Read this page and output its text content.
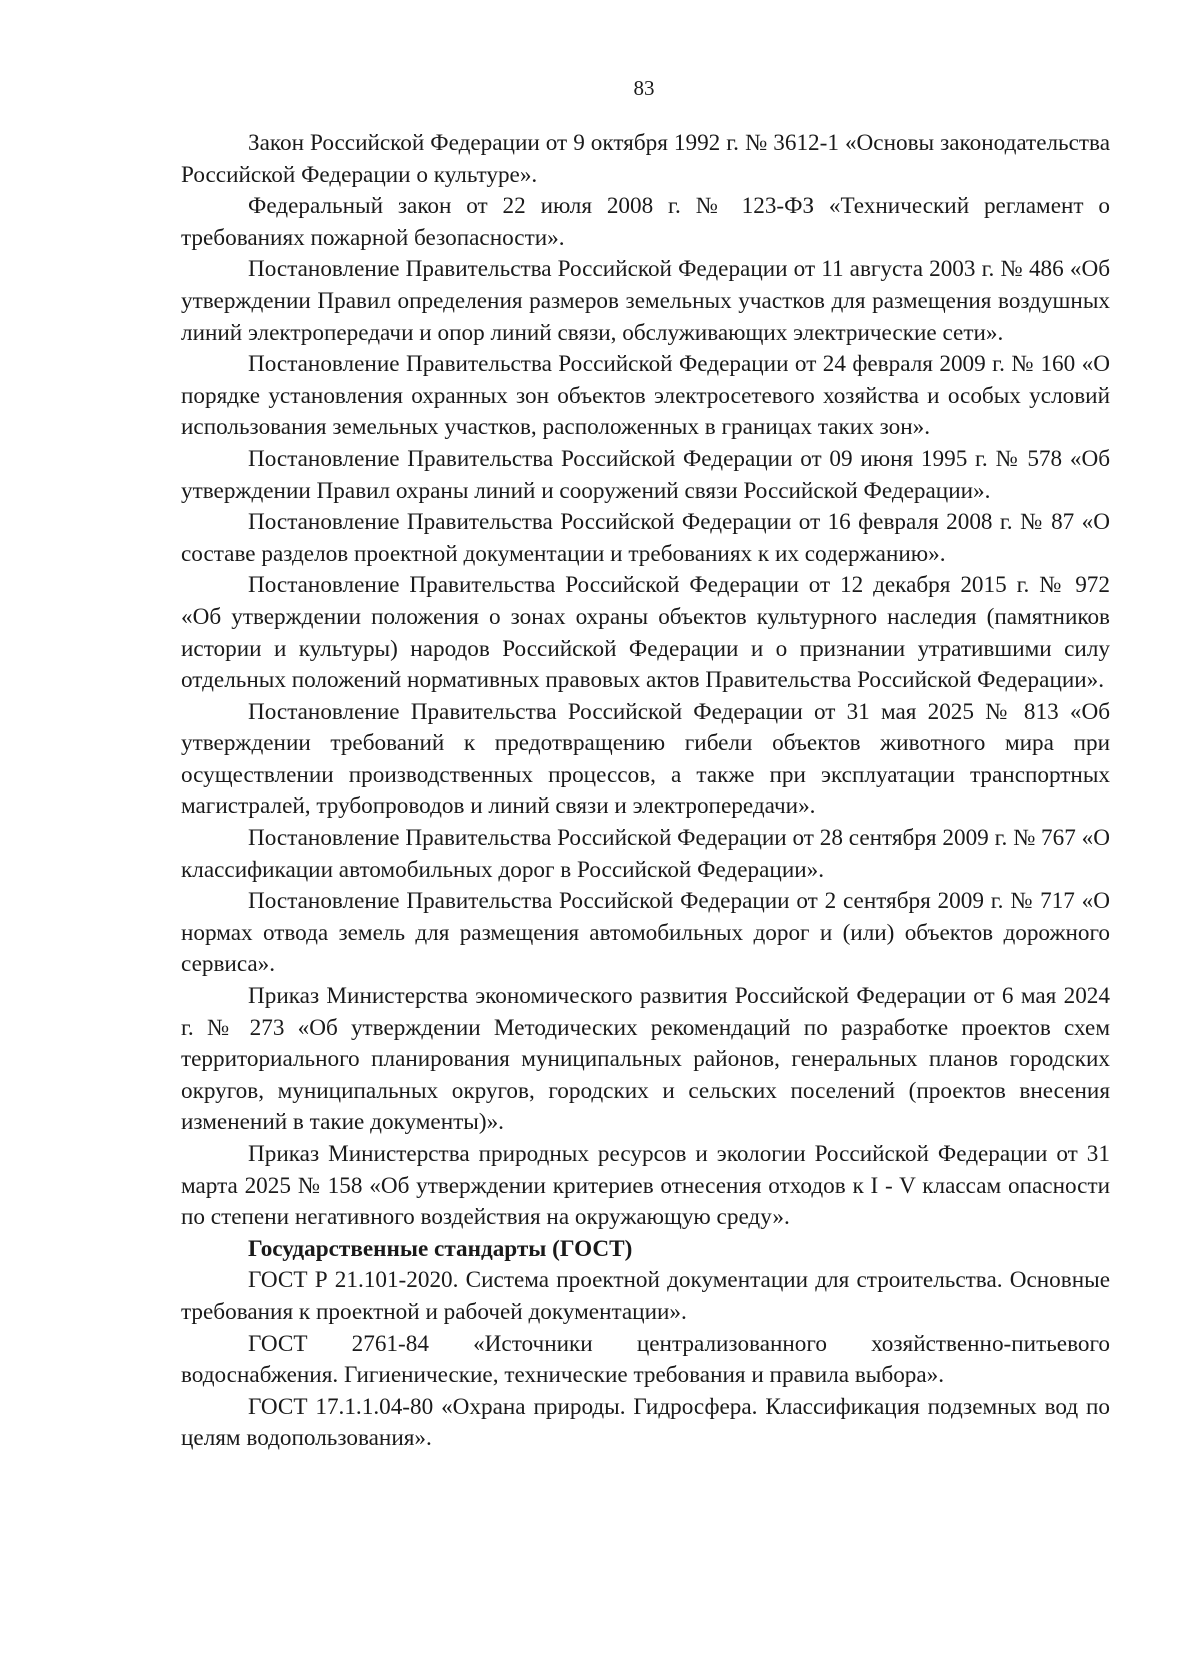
83

Закон Российской Федерации от 9 октября 1992 г. № 3612-1 «Основы законодательства Российской Федерации о культуре».

Федеральный закон от 22 июля 2008 г. № 123-ФЗ «Технический регламент о требованиях пожарной безопасности».

Постановление Правительства Российской Федерации от 11 августа 2003 г. № 486 «Об утверждении Правил определения размеров земельных участков для размещения воздушных линий электропередачи и опор линий связи, обслуживающих электрические сети».

Постановление Правительства Российской Федерации от 24 февраля 2009 г. № 160 «О порядке установления охранных зон объектов электросетевого хозяйства и особых условий использования земельных участков, расположенных в границах таких зон».

Постановление Правительства Российской Федерации от 09 июня 1995 г. № 578 «Об утверждении Правил охраны линий и сооружений связи Российской Федерации».

Постановление Правительства Российской Федерации от 16 февраля 2008 г. № 87 «О составе разделов проектной документации и требованиях к их содержанию».

Постановление Правительства Российской Федерации от 12 декабря 2015 г. № 972 «Об утверждении положения о зонах охраны объектов культурного наследия (памятников истории и культуры) народов Российской Федерации и о признании утратившими силу отдельных положений нормативных правовых актов Правительства Российской Федерации».

Постановление Правительства Российской Федерации от 31 мая 2025 № 813 «Об утверждении требований к предотвращению гибели объектов животного мира при осуществлении производственных процессов, а также при эксплуатации транспортных магистралей, трубопроводов и линий связи и электропередачи».

Постановление Правительства Российской Федерации от 28 сентября 2009 г. № 767 «О классификации автомобильных дорог в Российской Федерации».

Постановление Правительства Российской Федерации от 2 сентября 2009 г. № 717 «О нормах отвода земель для размещения автомобильных дорог и (или) объектов дорожного сервиса».

Приказ Министерства экономического развития Российской Федерации от 6 мая 2024 г. № 273 «Об утверждении Методических рекомендаций по разработке проектов схем территориального планирования муниципальных районов, генеральных планов городских округов, муниципальных округов, городских и сельских поселений (проектов внесения изменений в такие документы)».

Приказ Министерства природных ресурсов и экологии Российской Федерации от 31 марта 2025 № 158 «Об утверждении критериев отнесения отходов к I - V классам опасности по степени негативного воздействия на окружающую среду».

Государственные стандарты (ГОСТ)

ГОСТ Р 21.101-2020. Система проектной документации для строительства. Основные требования к проектной и рабочей документации».

ГОСТ 2761-84 «Источники централизованного хозяйственно-питьевого водоснабжения. Гигиенические, технические требования и правила выбора».

ГОСТ 17.1.1.04-80 «Охрана природы. Гидросфера. Классификация подземных вод по целям водопользования».
